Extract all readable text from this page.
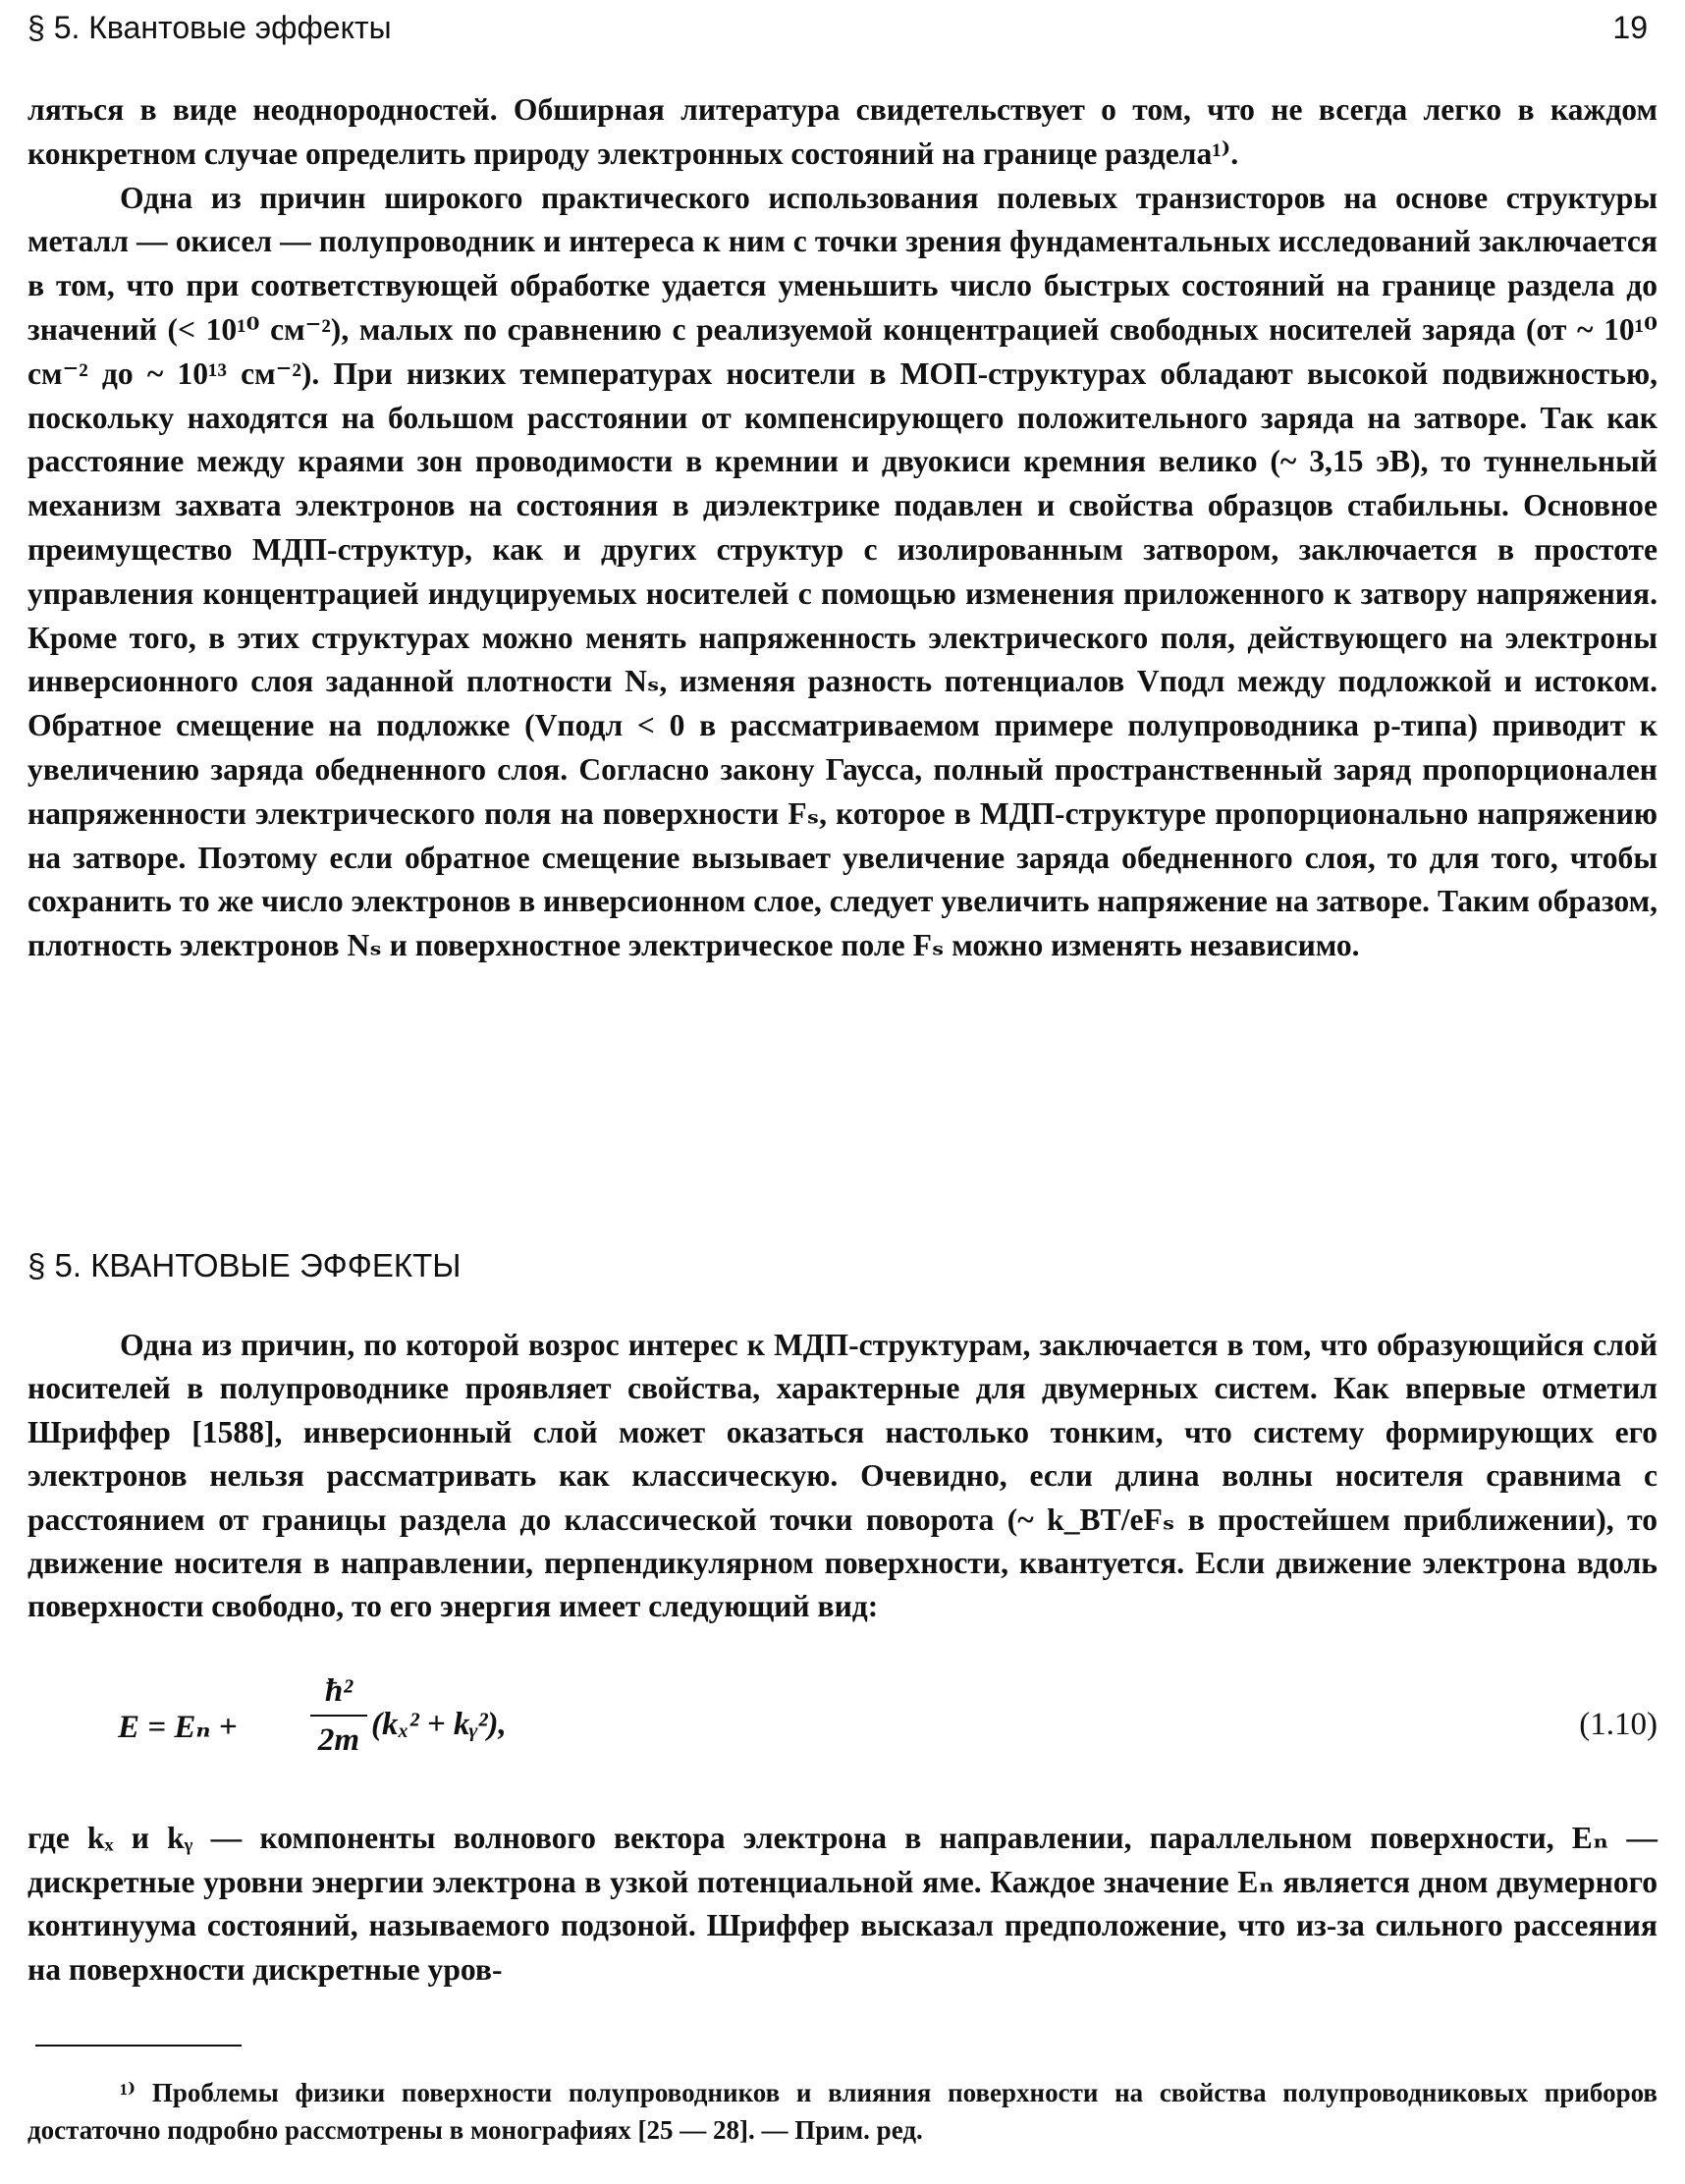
§ 5. Квантовые эффекты	19

ляться в виде неоднородностей. Обширная литература свидетельствует о том, что не всегда легко в каждом конкретном случае определить природу электронных состояний на границе раздела¹⁾.

Одна из причин широкого практического использования полевых транзисторов на основе структуры металл — окисел — полупроводник и интереса к ним с точки зрения фундаментальных исследований заключается в том, что при соответствующей обработке удается уменьшить число быстрых состояний на границе раздела до значений (< 10¹⁰ см⁻²), малых по сравнению с реализуемой концентрацией свободных носителей заряда (от ~ 10¹⁰ см⁻² до ~ 10¹³ см⁻²). При низких температурах носители в МОП-структурах обладают высокой подвижностью, поскольку находятся на большом расстоянии от компенсирующего положительного заряда на затворе. Так как расстояние между краями зон проводимости в кремнии и двуокиси кремния велико (~ 3,15 эВ), то туннельный механизм захвата электронов на состояния в диэлектрике подавлен и свойства образцов стабильны. Основное преимущество МДП-структур, как и других структур с изолированным затвором, заключается в простоте управления концентрацией индуцируемых носителей с помощью изменения приложенного к затвору напряжения. Кроме того, в этих структурах можно менять напряженность электрического поля, действующего на электроны инверсионного слоя заданной плотности Nₛ, изменяя разность потенциалов Vподл между подложкой и истоком. Обратное смещение на подложке (Vподл < 0 в рассматриваемом примере полупроводника p-типа) приводит к увеличению заряда обедненного слоя. Согласно закону Гаусса, полный пространственный заряд пропорционален напряженности электрического поля на поверхности Fₛ, которое в МДП-структуре пропорционально напряжению на затворе. Поэтому если обратное смещение вызывает увеличение заряда обедненного слоя, то для того, чтобы сохранить то же число электронов в инверсионном слое, следует увеличить напряжение на затворе. Таким образом, плотность электронов Nₛ и поверхностное электрическое поле Fₛ можно изменять независимо.

§ 5. КВАНТОВЫЕ ЭФФЕКТЫ

Одна из причин, по которой возрос интерес к МДП-структурам, заключается в том, что образующийся слой носителей в полупроводнике проявляет свойства, характерные для двумерных систем. Как впервые отметил Шриффер [1588], инверсионный слой может оказаться настолько тонким, что систему формирующих его электронов нельзя рассматривать как классическую. Очевидно, если длина волны носителя сравнима с расстоянием от границы раздела до классической точки поворота (~ k_BT/eFₛ в простейшем приближении), то движение носителя в направлении, перпендикулярном поверхности, квантуется. Если движение электрона вдоль поверхности свободно, то его энергия имеет следующий вид:

E = Eₙ +
ħ²
2m (kₓ² + kᵧ²),	(1.10)

где kₓ и kᵧ — компоненты волнового вектора электрона в направлении, параллельном поверхности, Eₙ — дискретные уровни энергии электрона в узкой потенциальной яме. Каждое значение Eₙ является дном двумерного континуума состояний, называемого подзоной. Шриффер высказал предположение, что из-за сильного рассеяния на поверхности дискретные уров-

¹⁾ Проблемы физики поверхности полупроводников и влияния поверхности на свойства полупроводниковых приборов достаточно подробно рассмотрены в монографиях [25 — 28]. — Прим. ред.
